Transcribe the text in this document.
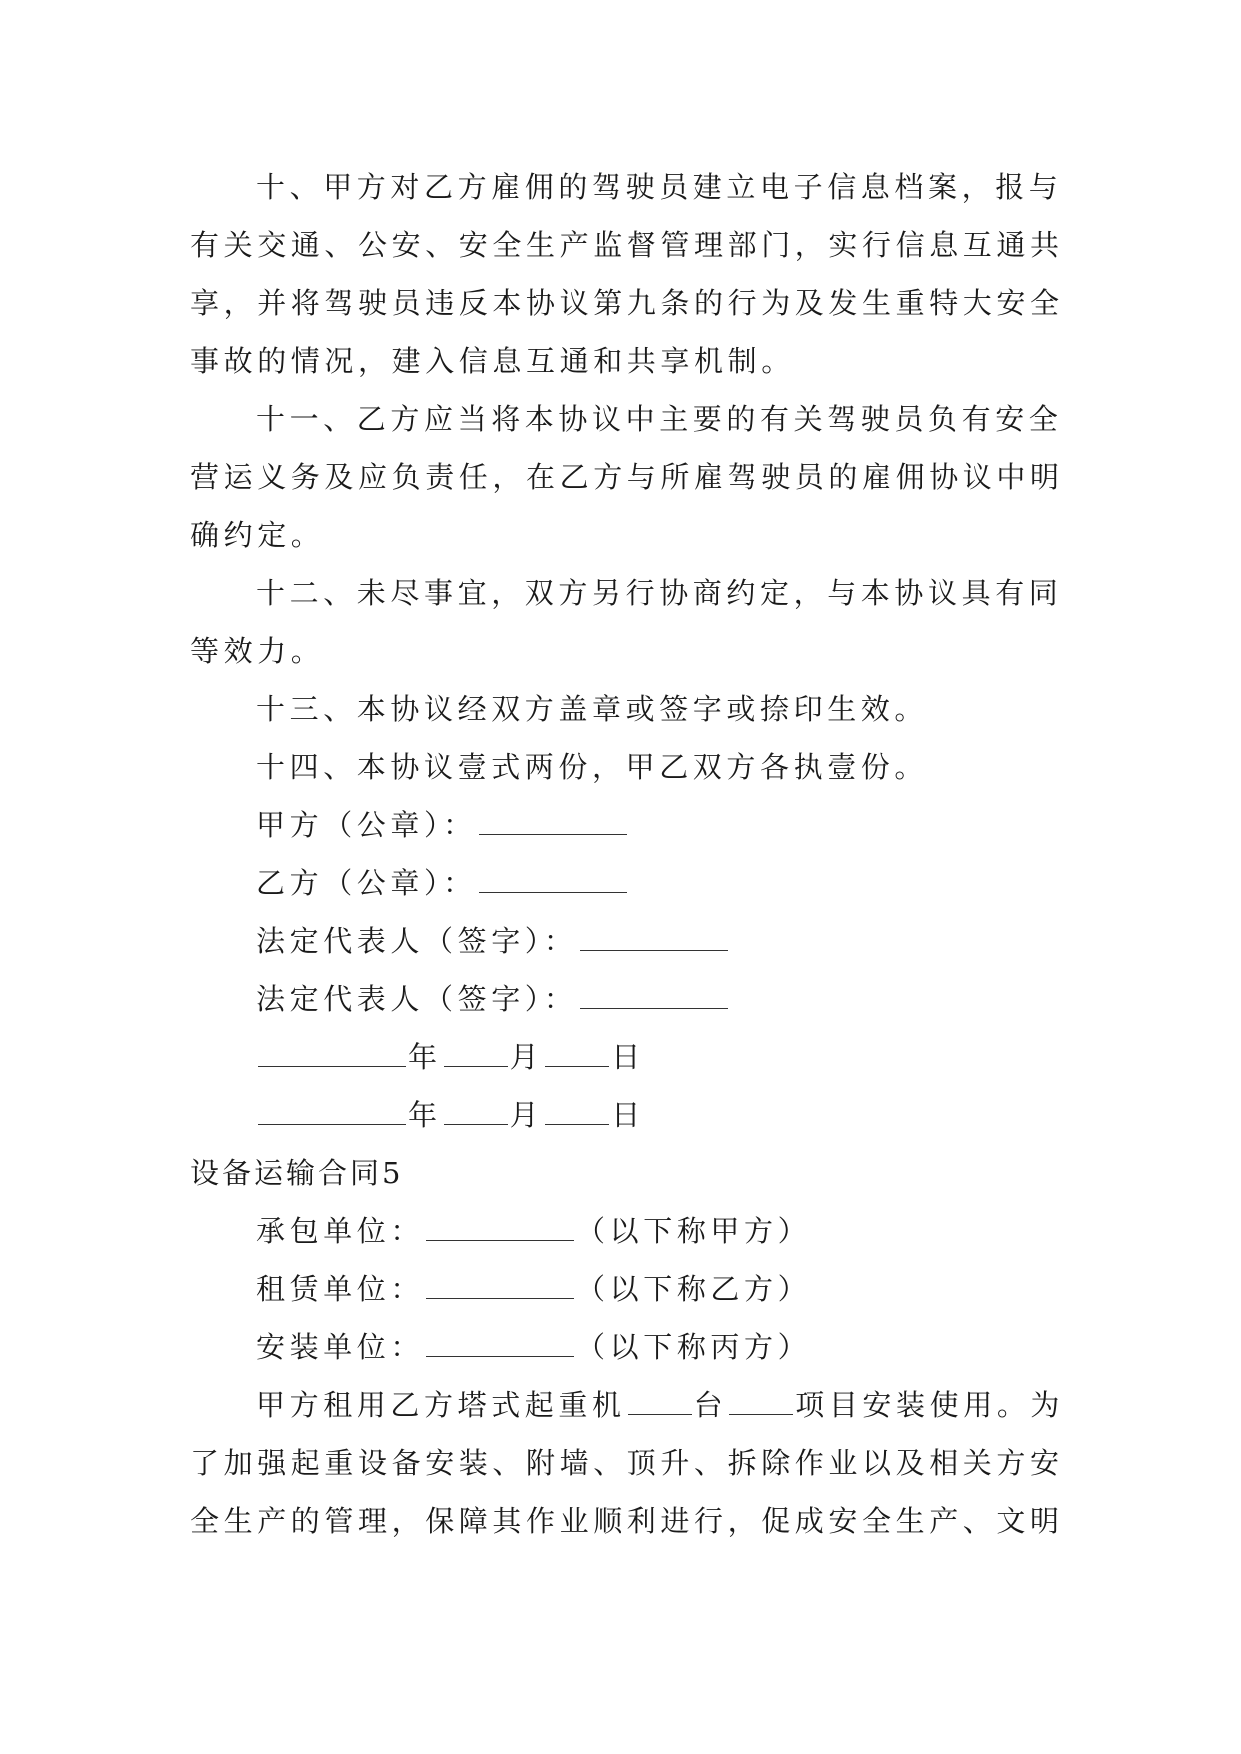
十、甲方对乙方雇佣的驾驶员建立电子信息档案，报与
有关交通、公安、安全生产监督管理部门，实行信息互通共
享，并将驾驶员违反本协议第九条的行为及发生重特大安全
事故的情况，建入信息互通和共享机制。
十一、乙方应当将本协议中主要的有关驾驶员负有安全
营运义务及应负责任，在乙方与所雇驾驶员的雇佣协议中明
确约定。
十二、未尽事宜，双方另行协商约定，与本协议具有同
等效力。
十三、本协议经双方盖章或签字或捺印生效。
十四、本协议壹式两份，甲乙双方各执壹份。
甲方（公章）：
乙方（公章）：
法定代表人（签字）：
法定代表人（签字）：
年 月 日
年 月 日
设备运输合同5
承包单位：	（以下称甲方）
租赁单位：	（以下称乙方）
安装单位：	（以下称丙方）
甲方租用乙方塔式起重机 台 项目安装使用。为
了加强起重设备安装、附墙、顶升、拆除作业以及相关方安
全生产的管理，保障其作业顺利进行，促成安全生产、文明
